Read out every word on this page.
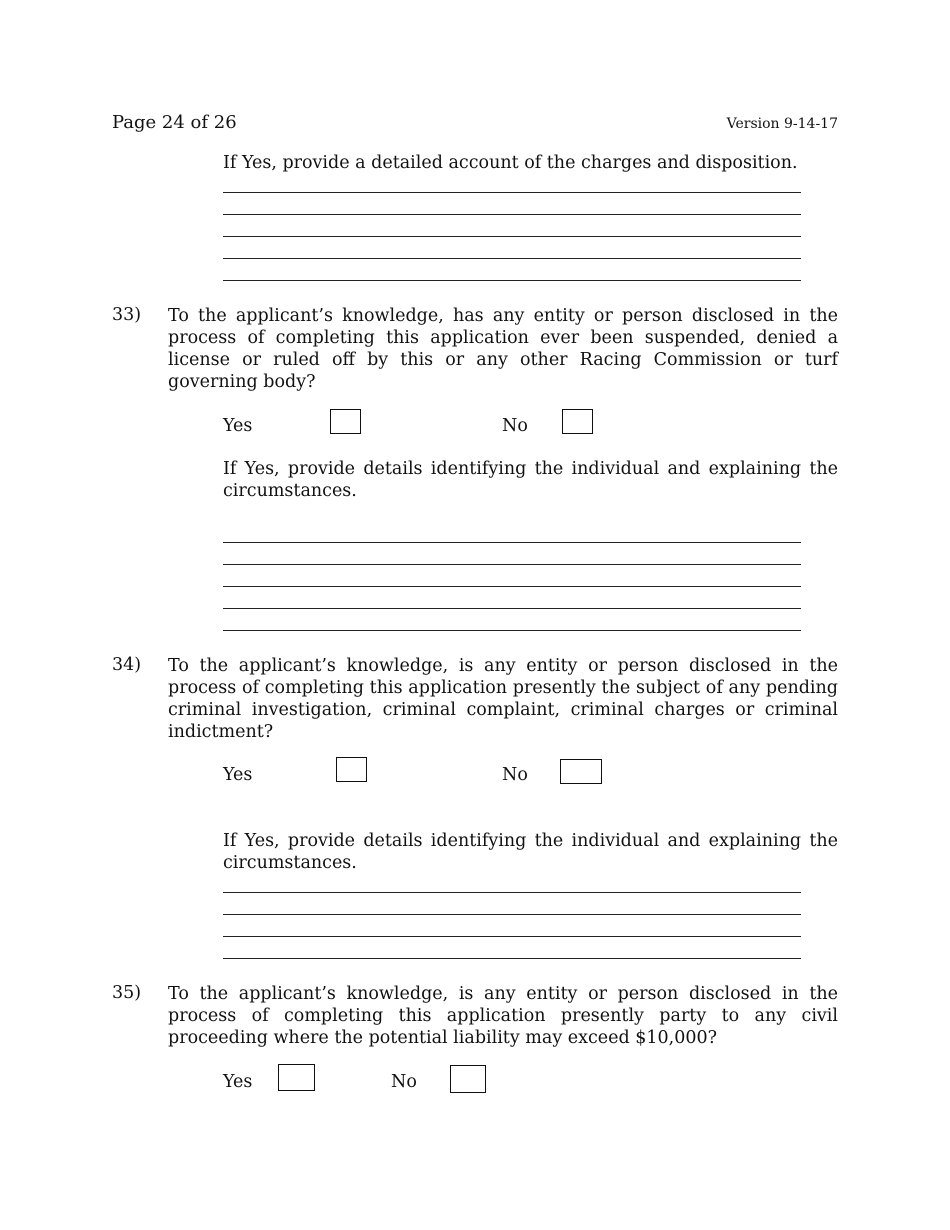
Page 24 of 26	Version 9-14-17
If Yes, provide a detailed account of the charges and disposition.
33) To the applicant’s knowledge, has any entity or person disclosed in the process of completing this application ever been suspended, denied a license or ruled off by this or any other Racing Commission or turf governing body?
Yes	No
If Yes, provide details identifying the individual and explaining the circumstances.
34) To the applicant’s knowledge, is any entity or person disclosed in the process of completing this application presently the subject of any pending criminal investigation, criminal complaint, criminal charges or criminal indictment?
Yes	No
If Yes, provide details identifying the individual and explaining the circumstances.
35) To the applicant’s knowledge, is any entity or person disclosed in the process of completing this application presently party to any civil proceeding where the potential liability may exceed $10,000?
Yes	No
